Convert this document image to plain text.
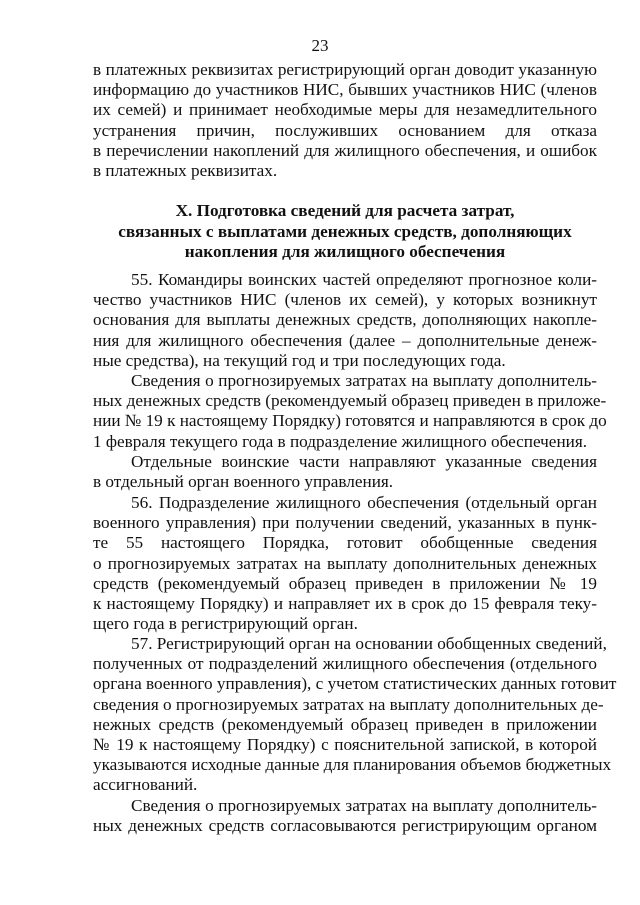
23
в платежных реквизитах регистрирующий орган доводит указанную
информацию до участников НИС, бывших участников НИС (членов
их семей) и принимает необходимые меры для незамедлительного
устранения причин, послуживших основанием для отказа
в перечислении накоплений для жилищного обеспечения, и ошибок
в платежных реквизитах.
X. Подготовка сведений для расчета затрат,
связанных с выплатами денежных средств, дополняющих
накопления для жилищного обеспечения
55. Командиры воинских частей определяют прогнозное коли-
чество участников НИС (членов их семей), у которых возникнут
основания для выплаты денежных средств, дополняющих накопле-
ния для жилищного обеспечения (далее – дополнительные денеж-
ные средства), на текущий год и три последующих года.
Сведения о прогнозируемых затратах на выплату дополнитель-
ных денежных средств (рекомендуемый образец приведен в приложе-
нии № 19 к настоящему Порядку) готовятся и направляются в срок до
1 февраля текущего года в подразделение жилищного обеспечения.
Отдельные воинские части направляют указанные сведения
в отдельный орган военного управления.
56. Подразделение жилищного обеспечения (отдельный орган
военного управления) при получении сведений, указанных в пунк-
те 55 настоящего Порядка, готовит обобщенные сведения
о прогнозируемых затратах на выплату дополнительных денежных
средств (рекомендуемый образец приведен в приложении № 19
к настоящему Порядку) и направляет их в срок до 15 февраля теку-
щего года в регистрирующий орган.
57. Регистрирующий орган на основании обобщенных сведений,
полученных от подразделений жилищного обеспечения (отдельного
органа военного управления), с учетом статистических данных готовит
сведения о прогнозируемых затратах на выплату дополнительных де-
нежных средств (рекомендуемый образец приведен в приложении
№ 19 к настоящему Порядку) с пояснительной запиской, в которой
указываются исходные данные для планирования объемов бюджетных
ассигнований.
Сведения о прогнозируемых затратах на выплату дополнитель-
ных денежных средств согласовываются регистрирующим органом
